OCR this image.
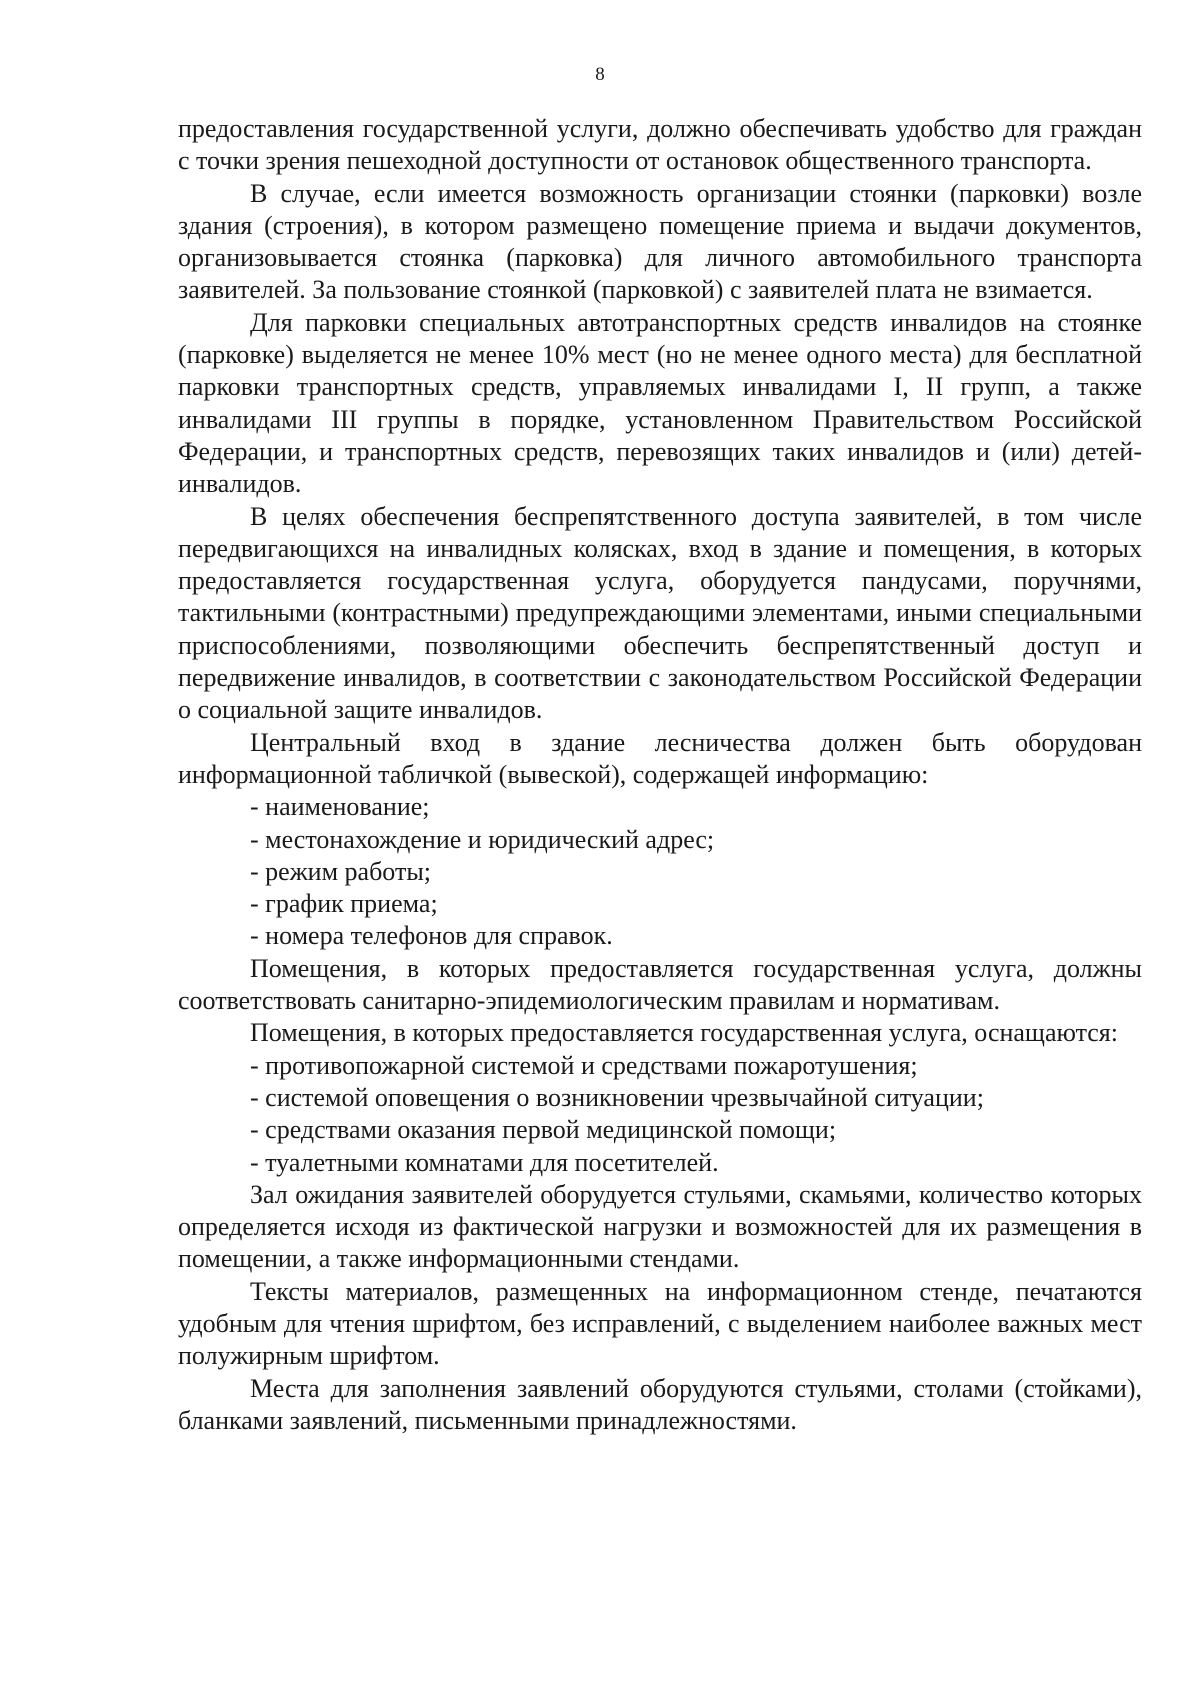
8

предоставления государственной услуги, должно обеспечивать удобство для граждан с точки зрения пешеходной доступности от остановок общественного транспорта.

В случае, если имеется возможность организации стоянки (парковки) возле здания (строения), в котором размещено помещение приема и выдачи документов, организовывается стоянка (парковка) для личного автомобильного транспорта заявителей. За пользование стоянкой (парковкой) с заявителей плата не взимается.

Для парковки специальных автотранспортных средств инвалидов на стоянке (парковке) выделяется не менее 10% мест (но не менее одного места) для бесплатной парковки транспортных средств, управляемых инвалидами I, II групп, а также инвалидами III группы в порядке, установленном Правительством Российской Федерации, и транспортных средств, перевозящих таких инвалидов и (или) детей-инвалидов.

В целях обеспечения беспрепятственного доступа заявителей, в том числе передвигающихся на инвалидных колясках, вход в здание и помещения, в которых предоставляется государственная услуга, оборудуется пандусами, поручнями, тактильными (контрастными) предупреждающими элементами, иными специальными приспособлениями, позволяющими обеспечить беспрепятственный доступ и передвижение инвалидов, в соответствии с законодательством Российской Федерации о социальной защите инвалидов.

Центральный вход в здание лесничества должен быть оборудован информационной табличкой (вывеской), содержащей информацию:

- наименование;

- местонахождение и юридический адрес;

- режим работы;

- график приема;

- номера телефонов для справок.

Помещения, в которых предоставляется государственная услуга, должны соответствовать санитарно-эпидемиологическим правилам и нормативам.

Помещения, в которых предоставляется государственная услуга, оснащаются:

- противопожарной системой и средствами пожаротушения;

- системой оповещения о возникновении чрезвычайной ситуации;

- средствами оказания первой медицинской помощи;

- туалетными комнатами для посетителей.

Зал ожидания заявителей оборудуется стульями, скамьями, количество которых определяется исходя из фактической нагрузки и возможностей для их размещения в помещении, а также информационными стендами.

Тексты материалов, размещенных на информационном стенде, печатаются удобным для чтения шрифтом, без исправлений, с выделением наиболее важных мест полужирным шрифтом.

Места для заполнения заявлений оборудуются стульями, столами (стойками), бланками заявлений, письменными принадлежностями.
